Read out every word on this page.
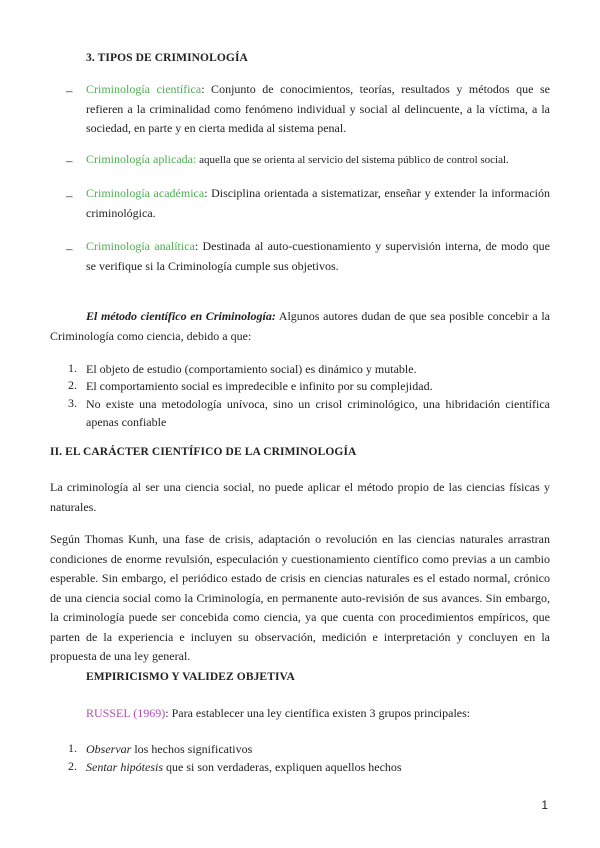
3. TIPOS DE CRIMINOLOGÍA
– Criminología científica: Conjunto de conocimientos, teorías, resultados y métodos que se refieren a la criminalidad como fenómeno individual y social al delincuente, a la víctima, a la sociedad, en parte y en cierta medida al sistema penal.
– Criminología aplicada: aquella que se orienta al servicio del sistema público de control social.
– Criminología académica: Disciplina orientada a sistematizar, enseñar y extender la información criminológica.
– Criminología analítica: Destinada al auto-cuestionamiento y supervisión interna, de modo que se verifique si la Criminología cumple sus objetivos.
El método científico en Criminología: Algunos autores dudan de que sea posible concebir a la Criminología como ciencia, debido a que:
1. El objeto de estudio (comportamiento social) es dinámico y mutable.
2. El comportamiento social es impredecible e infinito por su complejidad.
3. No existe una metodología unívoca, sino un crisol criminológico, una hibridación científica apenas confiable
II. EL CARÁCTER CIENTÍFICO DE LA CRIMINOLOGÍA
La criminología al ser una ciencia social, no puede aplicar el método propio de las ciencias físicas y naturales.
Según Thomas Kunh, una fase de crisis, adaptación o revolución en las ciencias naturales arrastran condiciones de enorme revulsión, especulación y cuestionamiento científico como previas a un cambio esperable. Sin embargo, el periódico estado de crisis en ciencias naturales es el estado normal, crónico de una ciencia social como la Criminología, en permanente auto-revisión de sus avances. Sin embargo, la criminología puede ser concebida como ciencia, ya que cuenta con procedimientos empíricos, que parten de la experiencia e incluyen su observación, medición e interpretación y concluyen en la propuesta de una ley general.
EMPIRICISMO Y VALIDEZ OBJETIVA
RUSSEL (1969): Para establecer una ley científica existen 3 grupos principales:
1. Observar los hechos significativos
2. Sentar hipótesis que si son verdaderas, expliquen aquellos hechos
1
